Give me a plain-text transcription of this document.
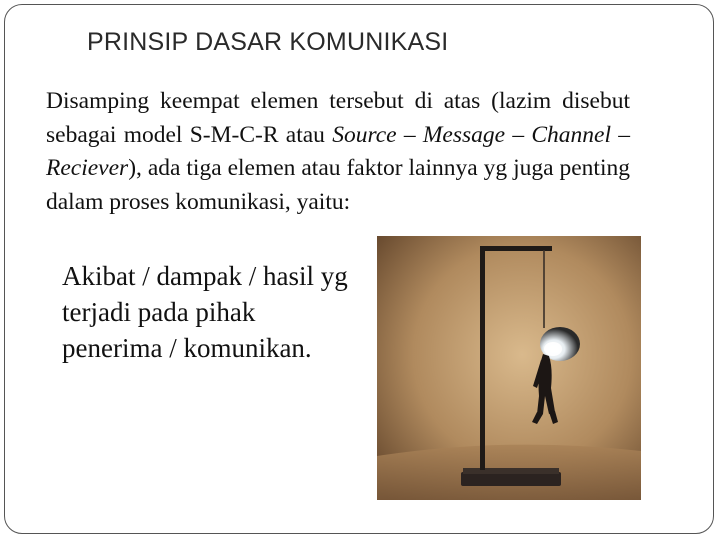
PRINSIP DASAR KOMUNIKASI

Disamping keempat elemen tersebut di atas (lazim disebut sebagai model S-M-C-R atau Source – Message – Channel – Reciever), ada tiga elemen atau faktor lainnya yg juga penting dalam proses komunikasi, yaitu:

Akibat / dampak / hasil yg terjadi pada pihak penerima / komunikan.
